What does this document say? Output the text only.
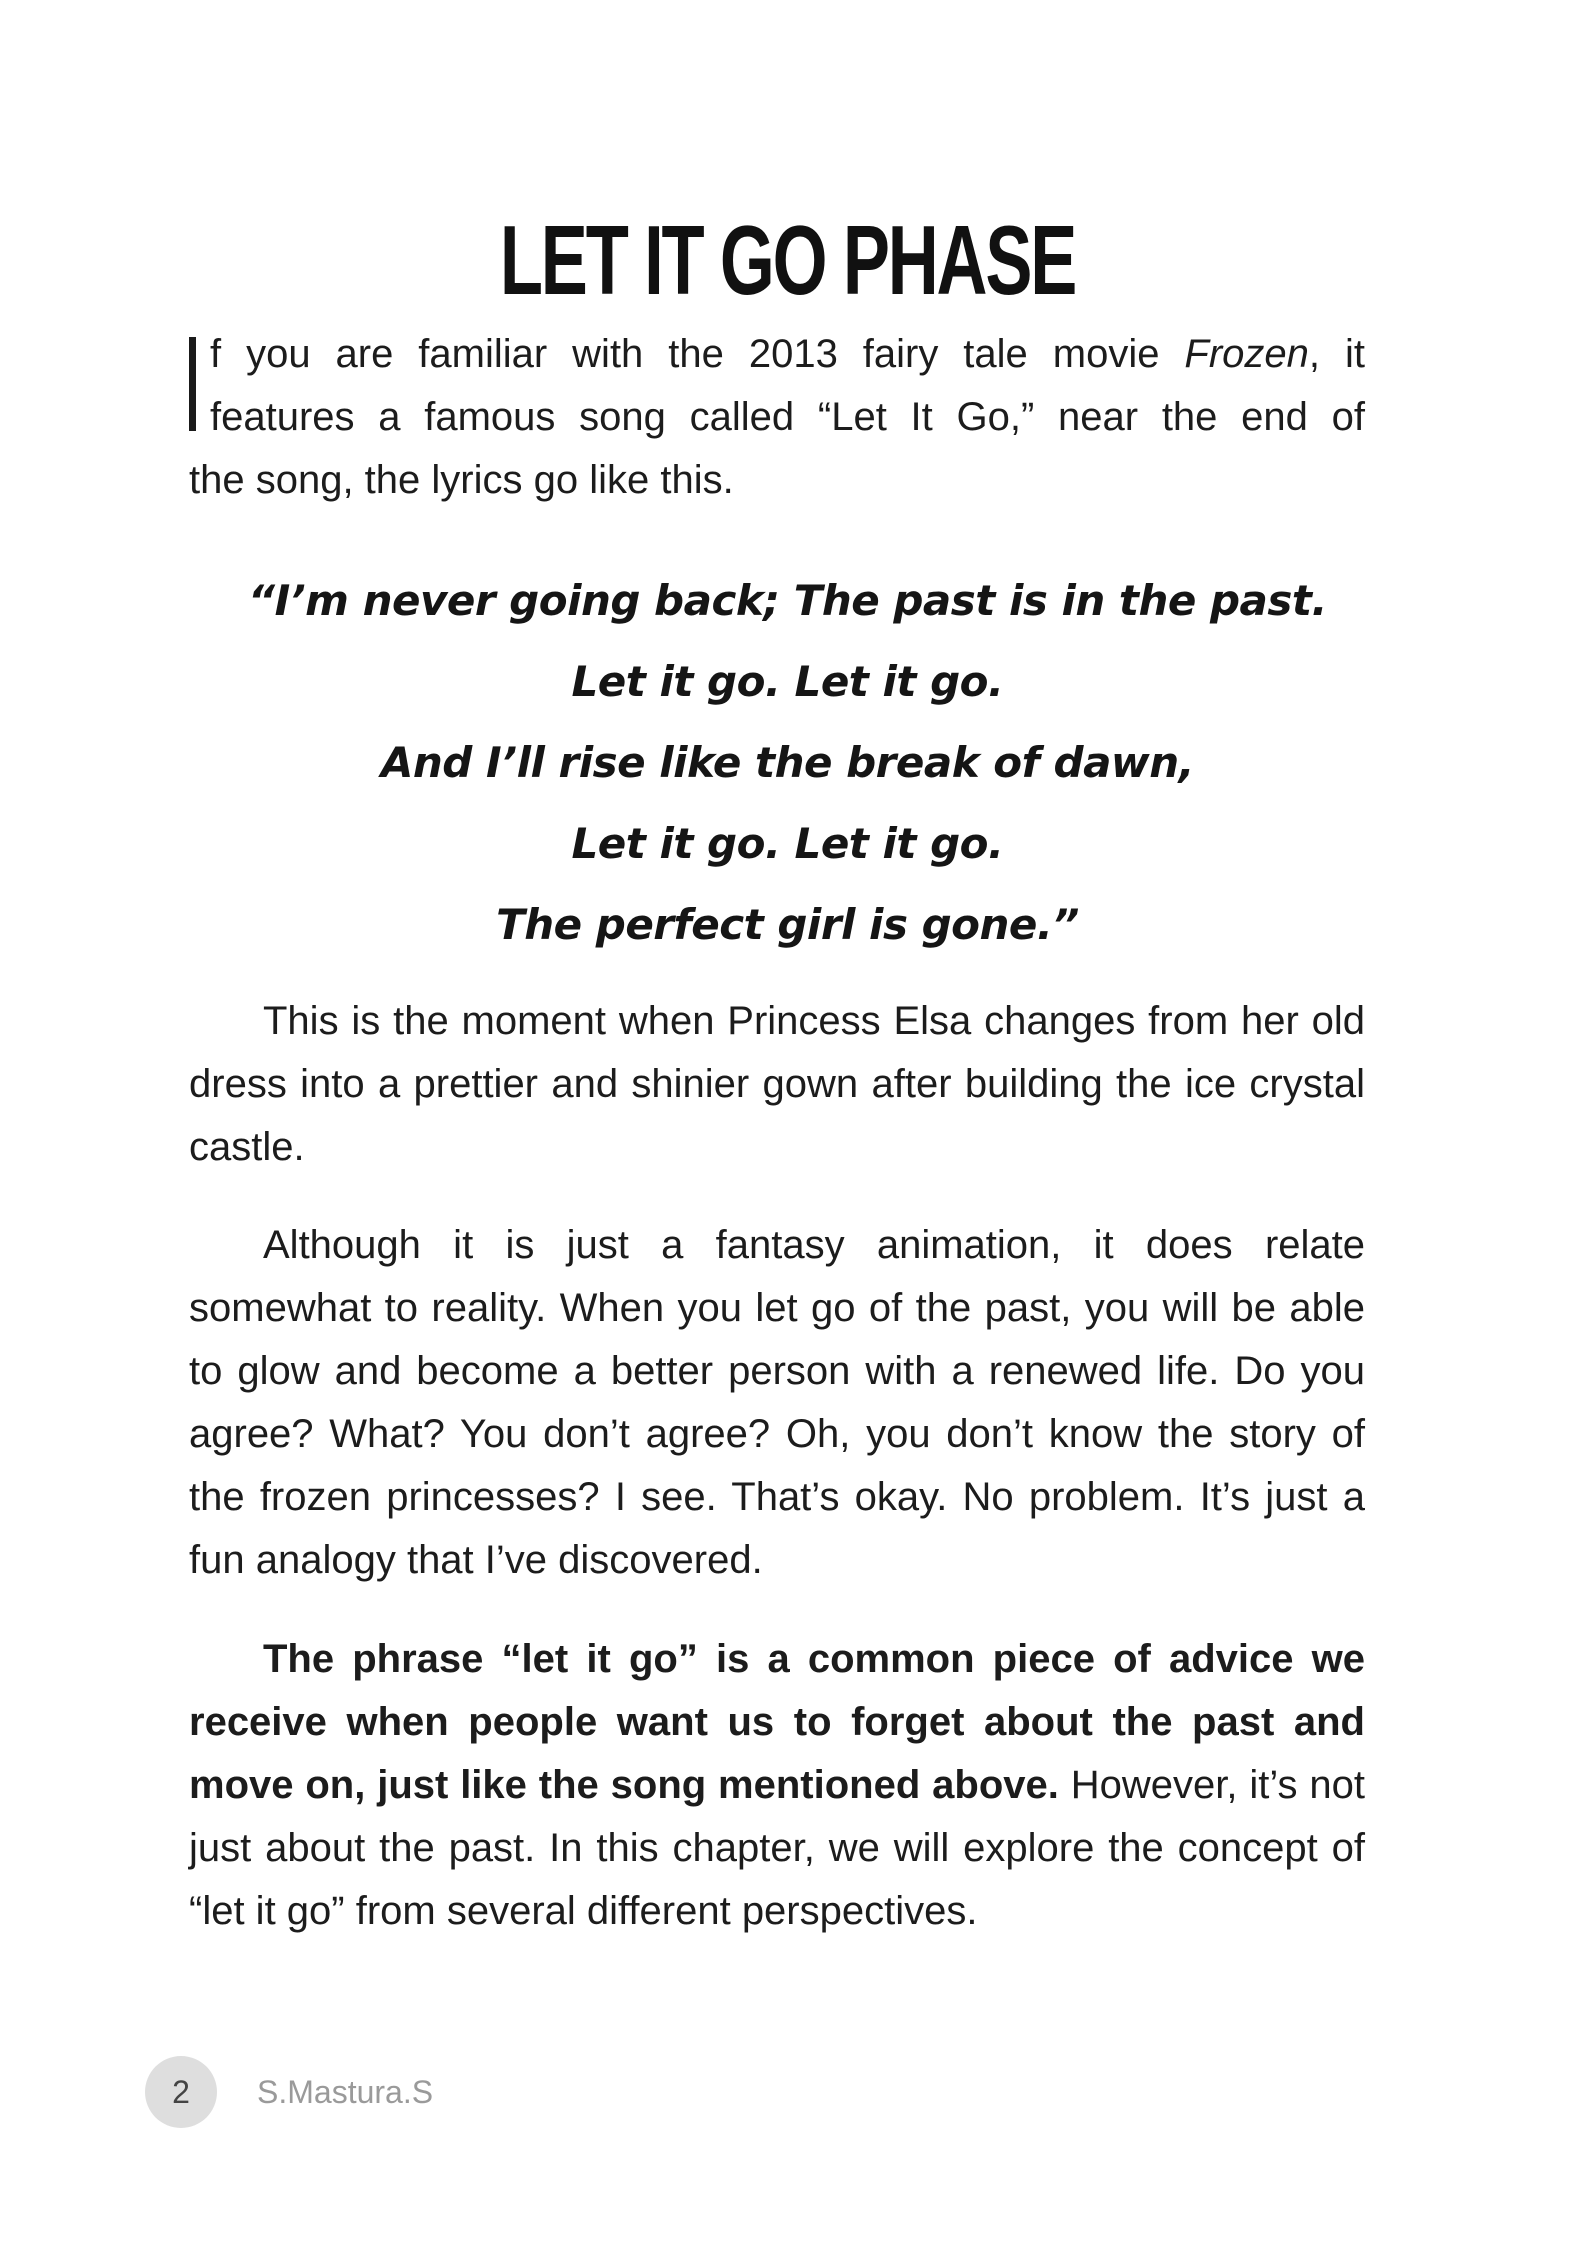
LET IT GO PHASE
f you are familiar with the 2013 fairy tale movie Frozen, it
features a famous song called “Let It Go,” near the end of
the song, the lyrics go like this.
“I’m never going back; The past is in the past.
Let it go. Let it go.
And I’ll rise like the break of dawn,
Let it go. Let it go.
The perfect girl is gone.”

This is the moment when Princess Elsa changes from her old dress into a prettier and shinier gown after building the ice crystal castle.

Although it is just a fantasy animation, it does relate somewhat to reality. When you let go of the past, you will be able to glow and become a better person with a renewed life. Do you agree? What? You don’t agree? Oh, you don’t know the story of the frozen princesses? I see. That’s okay. No problem. It’s just a fun analogy that I’ve discovered.

The phrase “let it go” is a common piece of advice we receive when people want us to forget about the past and move on, just like the song mentioned above. However, it’s not just about the past. In this chapter, we will explore the concept of “let it go” from several different perspectives.

2	S.Mastura.S
